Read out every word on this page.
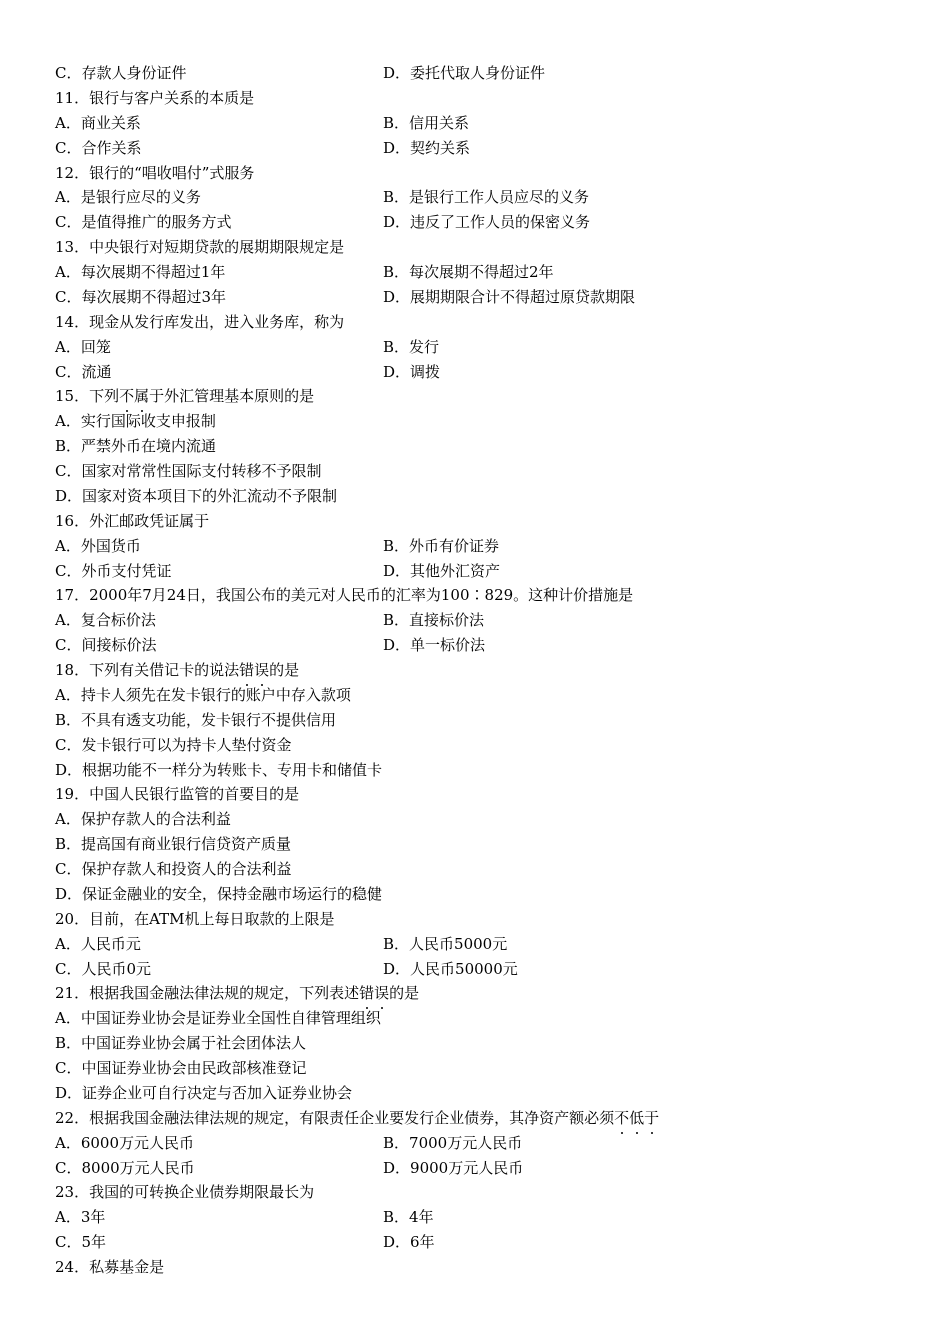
C．存款人身份证件	D．委托代取人身份证件
11．银行与客户关系的本质是
A．商业关系	B．信用关系
C．合作关系	D．契约关系
12．银行的“唱收唱付”式服务
A．是银行应尽的义务	B．是银行工作人员应尽的义务
C．是值得推广的服务方式	D．违反了工作人员的保密义务
13．中央银行对短期贷款的展期期限规定是
A．每次展期不得超过1年	B．每次展期不得超过2年
C．每次展期不得超过3年	D．展期期限合计不得超过原贷款期限
14．现金从发行库发出，进入业务库，称为
A．回笼	B．发行
C．流通	D．调拨
15．下列不属于外汇管理基本原则的是
A．实行国际收支申报制
B．严禁外币在境内流通
C．国家对常常性国际支付转移不予限制
D．国家对资本项目下的外汇流动不予限制
16．外汇邮政凭证属于
A．外国货币	B．外币有价证券
C．外币支付凭证	D．其他外汇资产
17．2000年7月24日，我国公布的美元对人民币的汇率为100∶829。这种计价措施是
A．复合标价法	B．直接标价法
C．间接标价法	D．单一标价法
18．下列有关借记卡的说法错误的是
A．持卡人须先在发卡银行的账户中存入款项
B．不具有透支功能，发卡银行不提供信用
C．发卡银行可以为持卡人垫付资金
D．根据功能不一样分为转账卡、专用卡和储值卡
19．中国人民银行监管的首要目的是
A．保护存款人的合法利益
B．提高国有商业银行信贷资产质量
C．保护存款人和投资人的合法利益
D．保证金融业的安全，保持金融市场运行的稳健
20．目前，在ATM机上每日取款的上限是
A．人民币元	B．人民币5000元
C．人民币0元	D．人民币50000元
21．根据我国金融法律法规的规定，下列表述错误的是
A．中国证券业协会是证券业全国性自律管理组织
B．中国证券业协会属于社会团体法人
C．中国证券业协会由民政部核准登记
D．证券企业可自行决定与否加入证券业协会
22．根据我国金融法律法规的规定，有限责任企业要发行企业债券，其净资产额必须不低于
A．6000万元人民币	B．7000万元人民币
C．8000万元人民币	D．9000万元人民币
23．我国的可转换企业债券期限最长为
A．3年	B．4年
C．5年	D．6年
24．私募基金是
